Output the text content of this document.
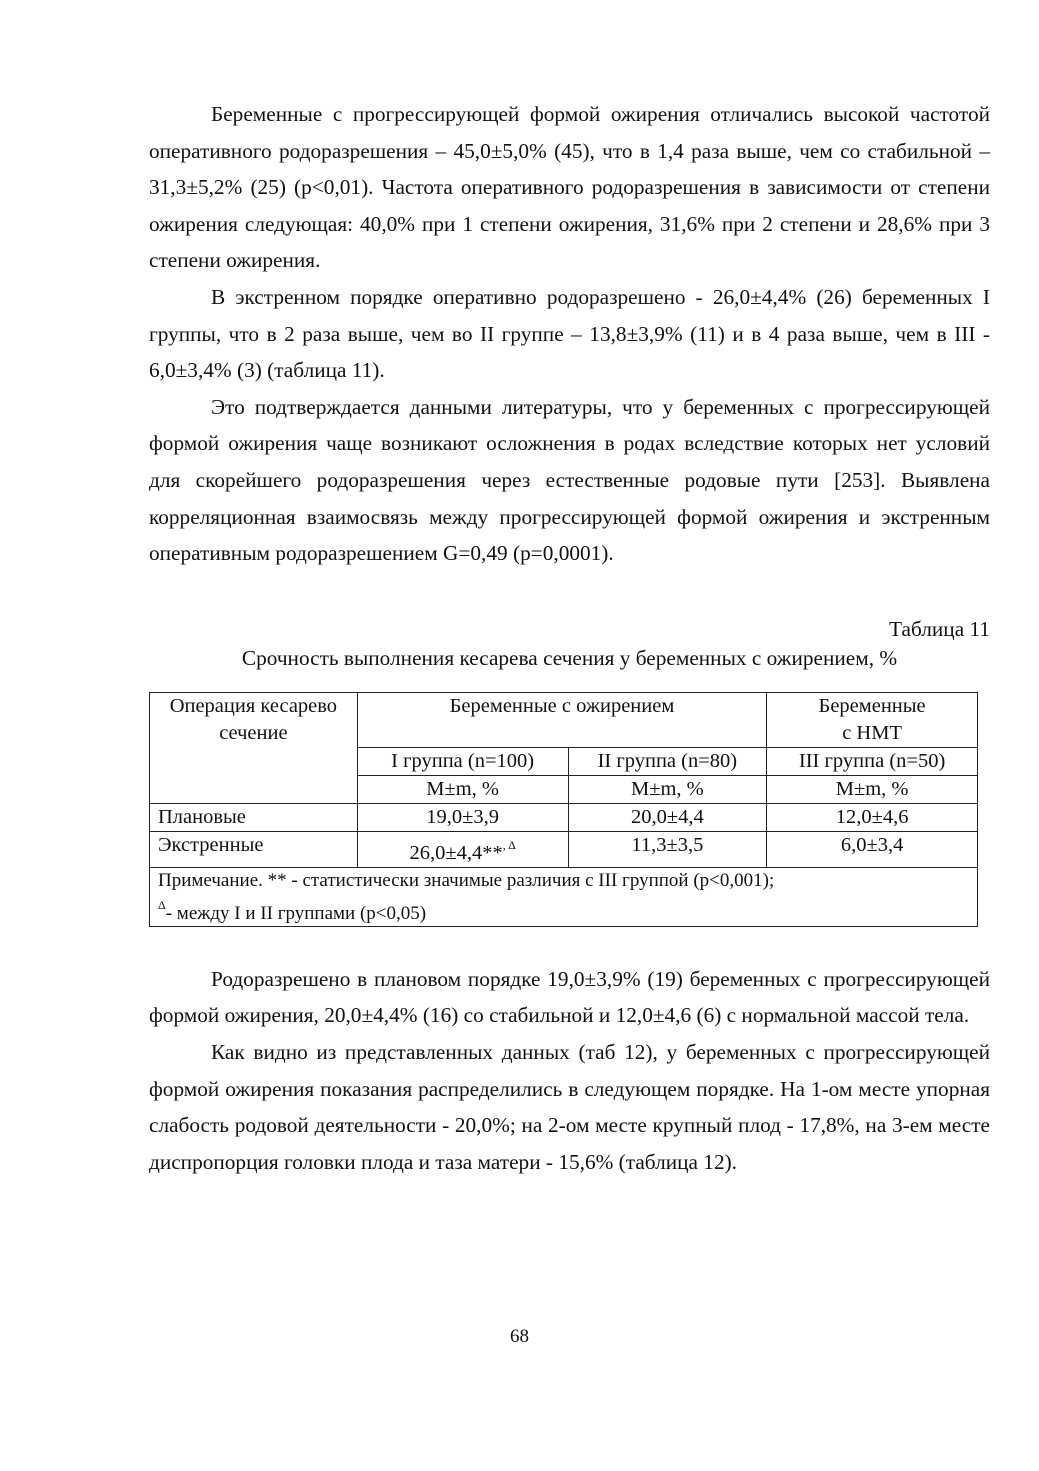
Беременные с прогрессирующей формой ожирения отличались высокой частотой оперативного родоразрешения – 45,0±5,0% (45), что в 1,4 раза выше, чем со стабильной – 31,3±5,2% (25) (р<0,01). Частота оперативного родоразрешения в зависимости от степени ожирения следующая: 40,0% при 1 степени ожирения, 31,6% при 2 степени и 28,6% при 3 степени ожирения.

В экстренном порядке оперативно родоразрешено - 26,0±4,4% (26) беременных I группы, что в 2 раза выше, чем во II группе – 13,8±3,9% (11) и в 4 раза выше, чем в III - 6,0±3,4% (3) (таблица 11).

Это подтверждается данными литературы, что у беременных с прогрессирующей формой ожирения чаще возникают осложнения в родах вследствие которых нет условий для скорейшего родоразрешения через естественные родовые пути [253]. Выявлена корреляционная взаимосвязь между прогрессирующей формой ожирения и экстренным оперативным родоразрешением G=0,49 (р=0,0001).

Таблица 11

Срочность выполнения кесарева сечения у беременных с ожирением, %

Операция кесарево сечение	Беременные с ожирением		Беременные
с НМТ
	I группа (n=100)	II группа (n=80)	III группа (n=50)
	M±m, %	M±m, %	M±m, %
Плановые	19,0±3,9	20,0±4,4	12,0±4,6
Экстренные	26,0±4,4**$^{, \Delta}$	11,3±3,5	6,0±3,4
Примечание. ** - статистически значимые различия с III группой (р<0,001);
$^\Delta$- между I и II группами (р<0,05)			

Родоразрешено в плановом порядке 19,0±3,9% (19) беременных с прогрессирующей формой ожирения, 20,0±4,4% (16) со стабильной и 12,0±4,6 (6) с нормальной массой тела.

Как видно из представленных данных (таб 12), у беременных с прогрессирующей формой ожирения показания распределились в следующем порядке. На 1-ом месте упорная слабость родовой деятельности - 20,0%; на 2-ом месте крупный плод - 17,8%, на 3-ем месте диспропорция головки плода и таза матери - 15,6% (таблица 12).

68
